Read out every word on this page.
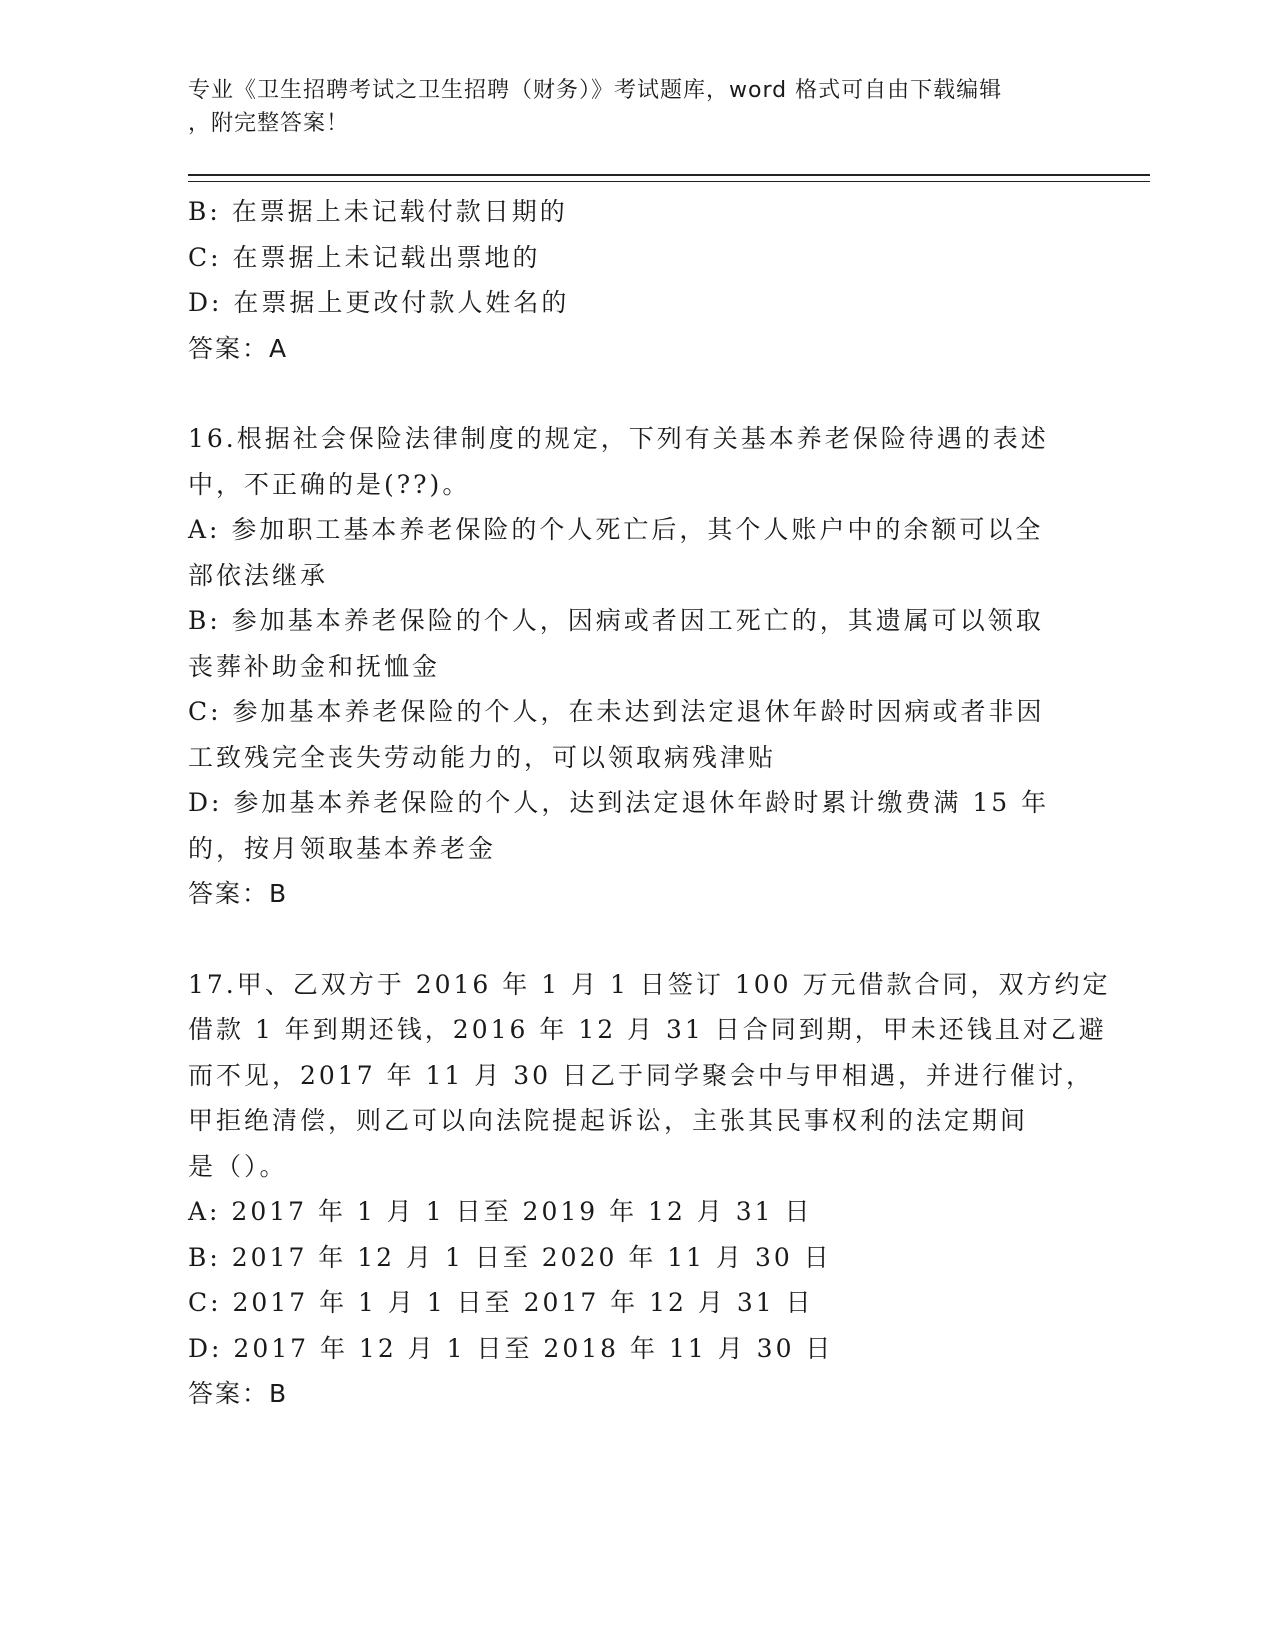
专业《卫生招聘考试之卫生招聘（财务）》考试题库，word 格式可自由下载编辑
，附完整答案！
B: 在票据上未记载付款日期的
C: 在票据上未记载出票地的
D: 在票据上更改付款人姓名的
答案：A
16.根据社会保险法律制度的规定，下列有关基本养老保险待遇的表述
中，不正确的是(??)。
A: 参加职工基本养老保险的个人死亡后，其个人账户中的余额可以全
部依法继承
B: 参加基本养老保险的个人，因病或者因工死亡的，其遗属可以领取
丧葬补助金和抚恤金
C: 参加基本养老保险的个人，在未达到法定退休年龄时因病或者非因
工致残完全丧失劳动能力的，可以领取病残津贴
D: 参加基本养老保险的个人，达到法定退休年龄时累计缴费满 15 年
的，按月领取基本养老金
答案：B
17.甲、乙双方于 2016 年 1 月 1 日签订 100 万元借款合同，双方约定
借款 1 年到期还钱，2016 年 12 月 31 日合同到期，甲未还钱且对乙避
而不见，2017 年 11 月 30 日乙于同学聚会中与甲相遇，并进行催讨，
甲拒绝清偿，则乙可以向法院提起诉讼，主张其民事权利的法定期间
是（）。
A: 2017 年 1 月 1 日至 2019 年 12 月 31 日
B: 2017 年 12 月 1 日至 2020 年 11 月 30 日
C: 2017 年 1 月 1 日至 2017 年 12 月 31 日
D: 2017 年 12 月 1 日至 2018 年 11 月 30 日
答案：B
